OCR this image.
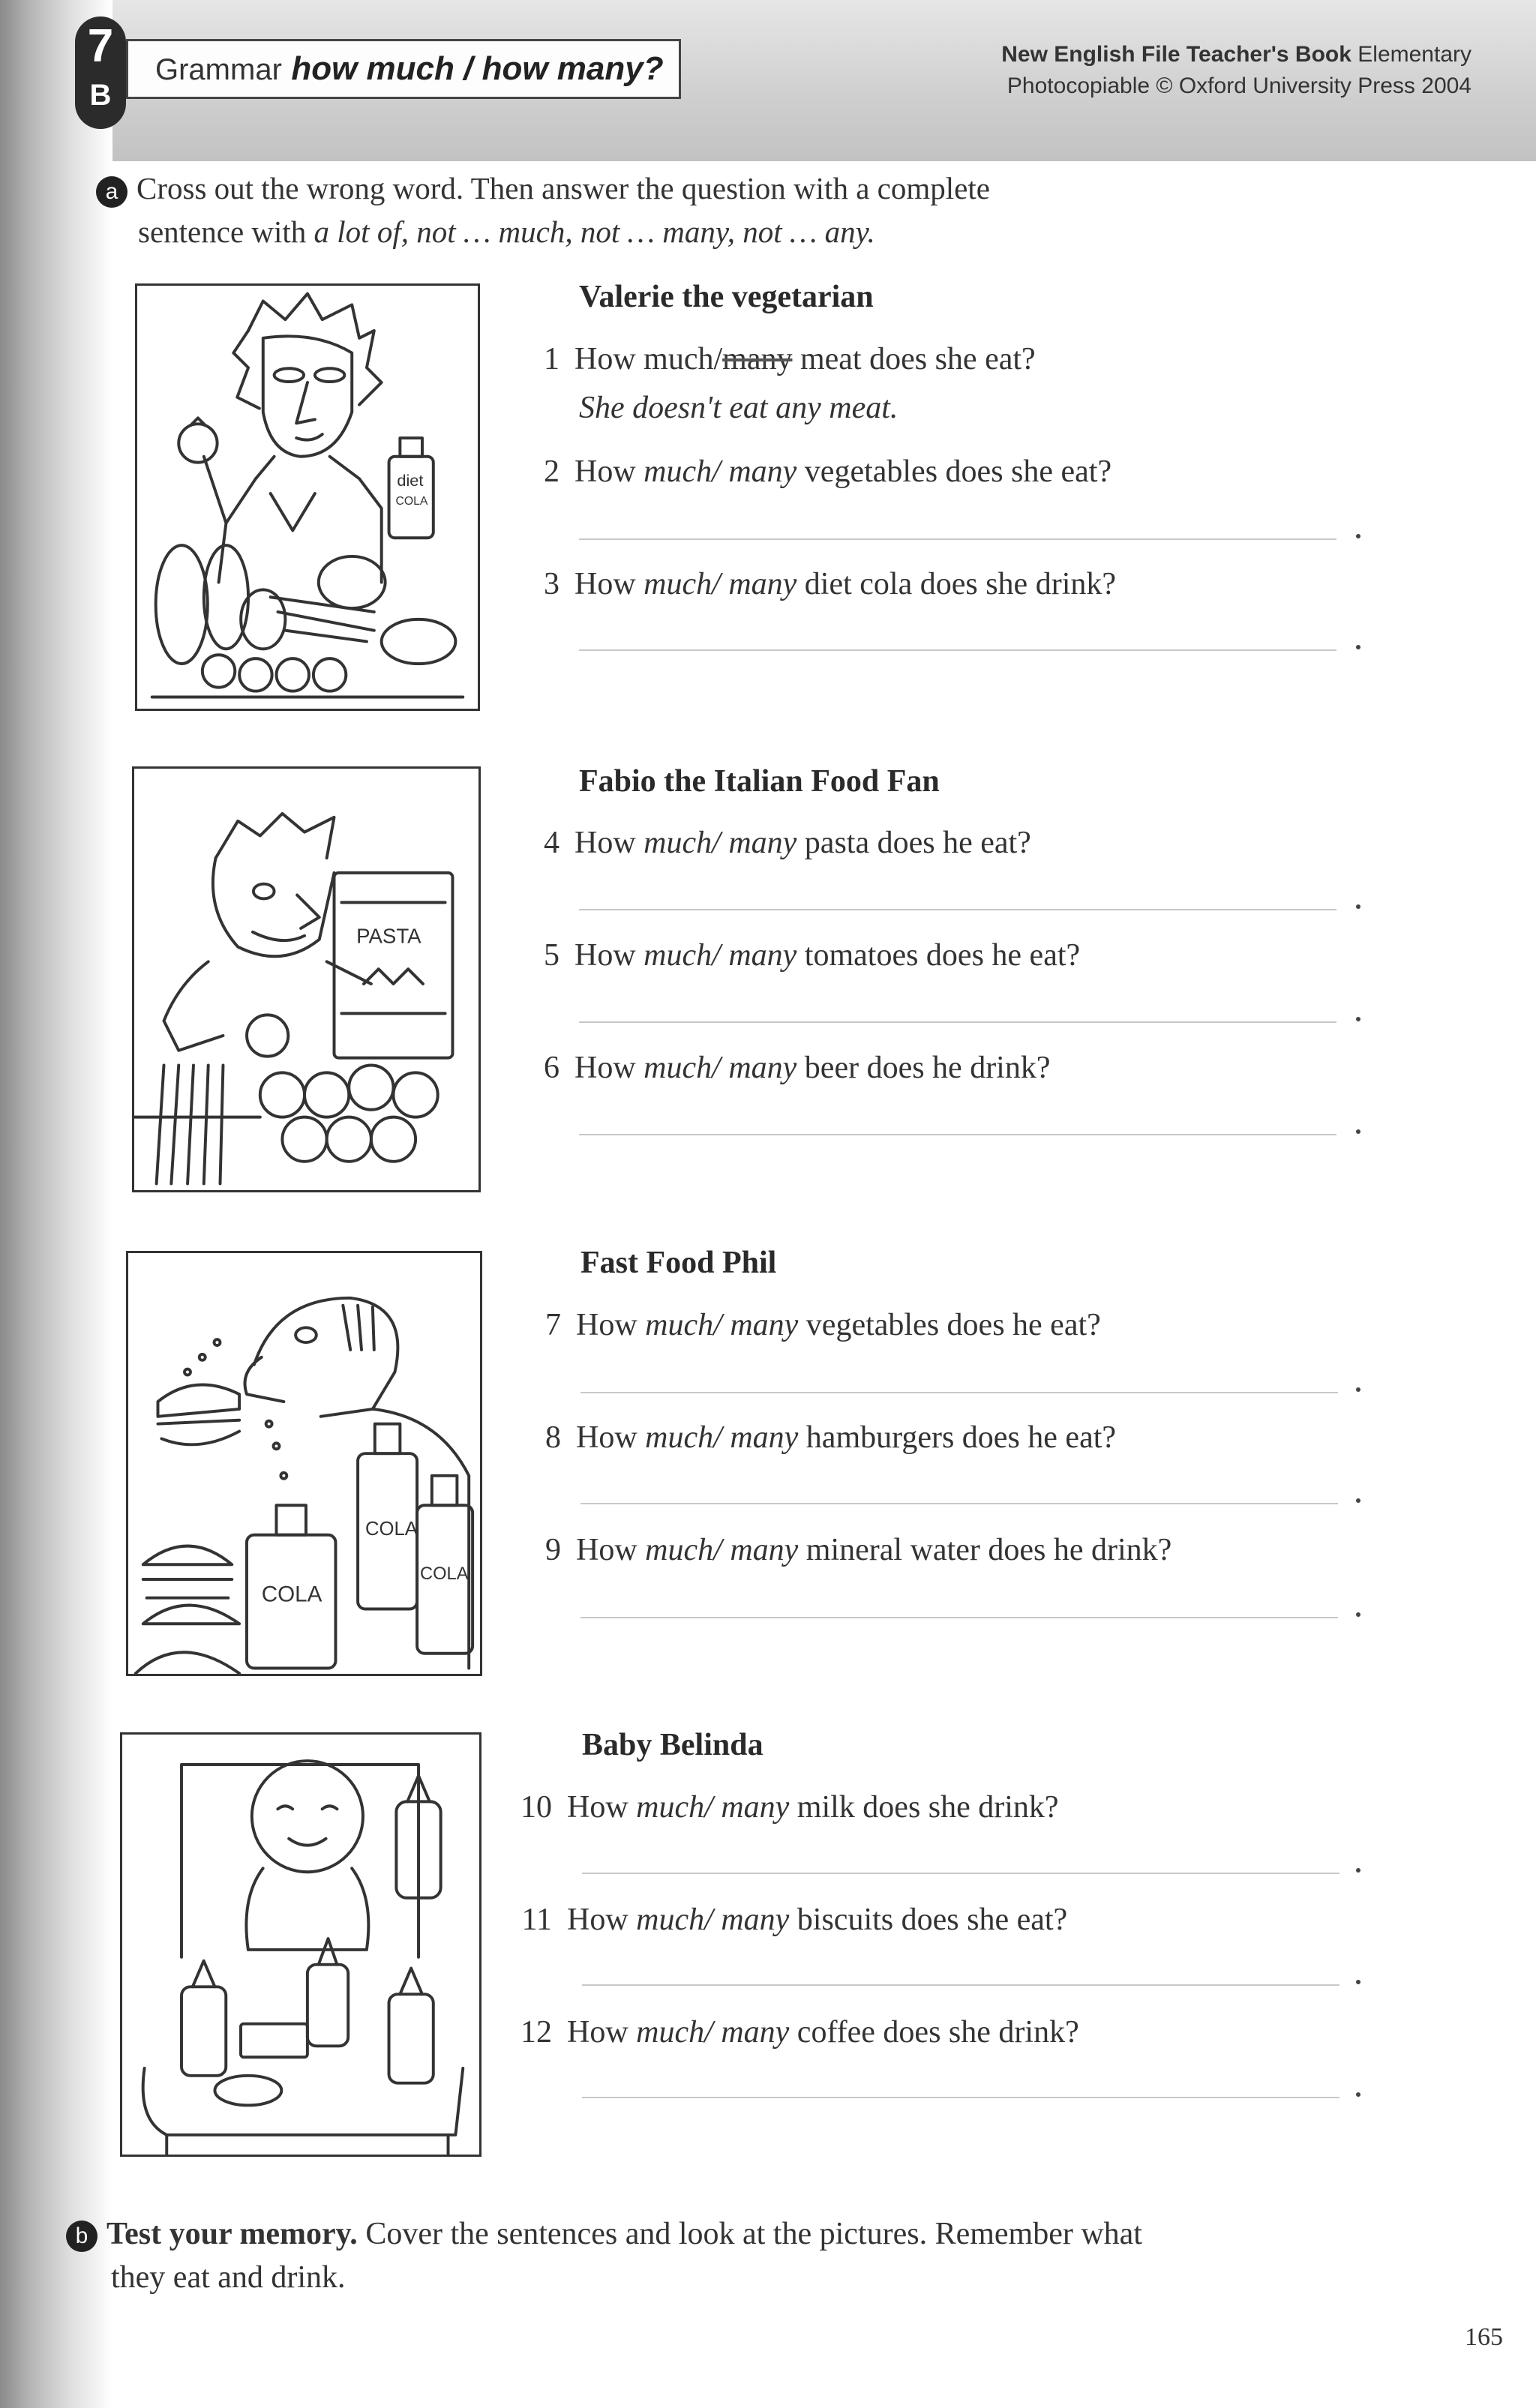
7
B
Grammar how much / how many?	New English File Teacher's Book Elementary
Photocopiable © Oxford University Press 2004
a Cross out the wrong word. Then answer the question with a complete
sentence with a lot of, not … much, not … many, not … any.
diet
COLA
PASTA
COLA
COLA
COLA
Valerie the vegetarian
1 How much/many meat does she eat?
She doesn't eat any meat.
2 How much/ many vegetables does she eat?
3 How much/ many diet cola does she drink?
Fabio the Italian Food Fan
4 How much/ many pasta does he eat?
5 How much/ many tomatoes does he eat?
6 How much/ many beer does he drink?
Fast Food Phil
7 How much/ many vegetables does he eat?
8 How much/ many hamburgers does he eat?
9 How much/ many mineral water does he drink?
Baby Belinda
10 How much/ many milk does she drink?
11 How much/ many biscuits does she eat?
12 How much/ many coffee does she drink?
b Test your memory. Cover the sentences and look at the pictures. Remember what
they eat and drink.
165
